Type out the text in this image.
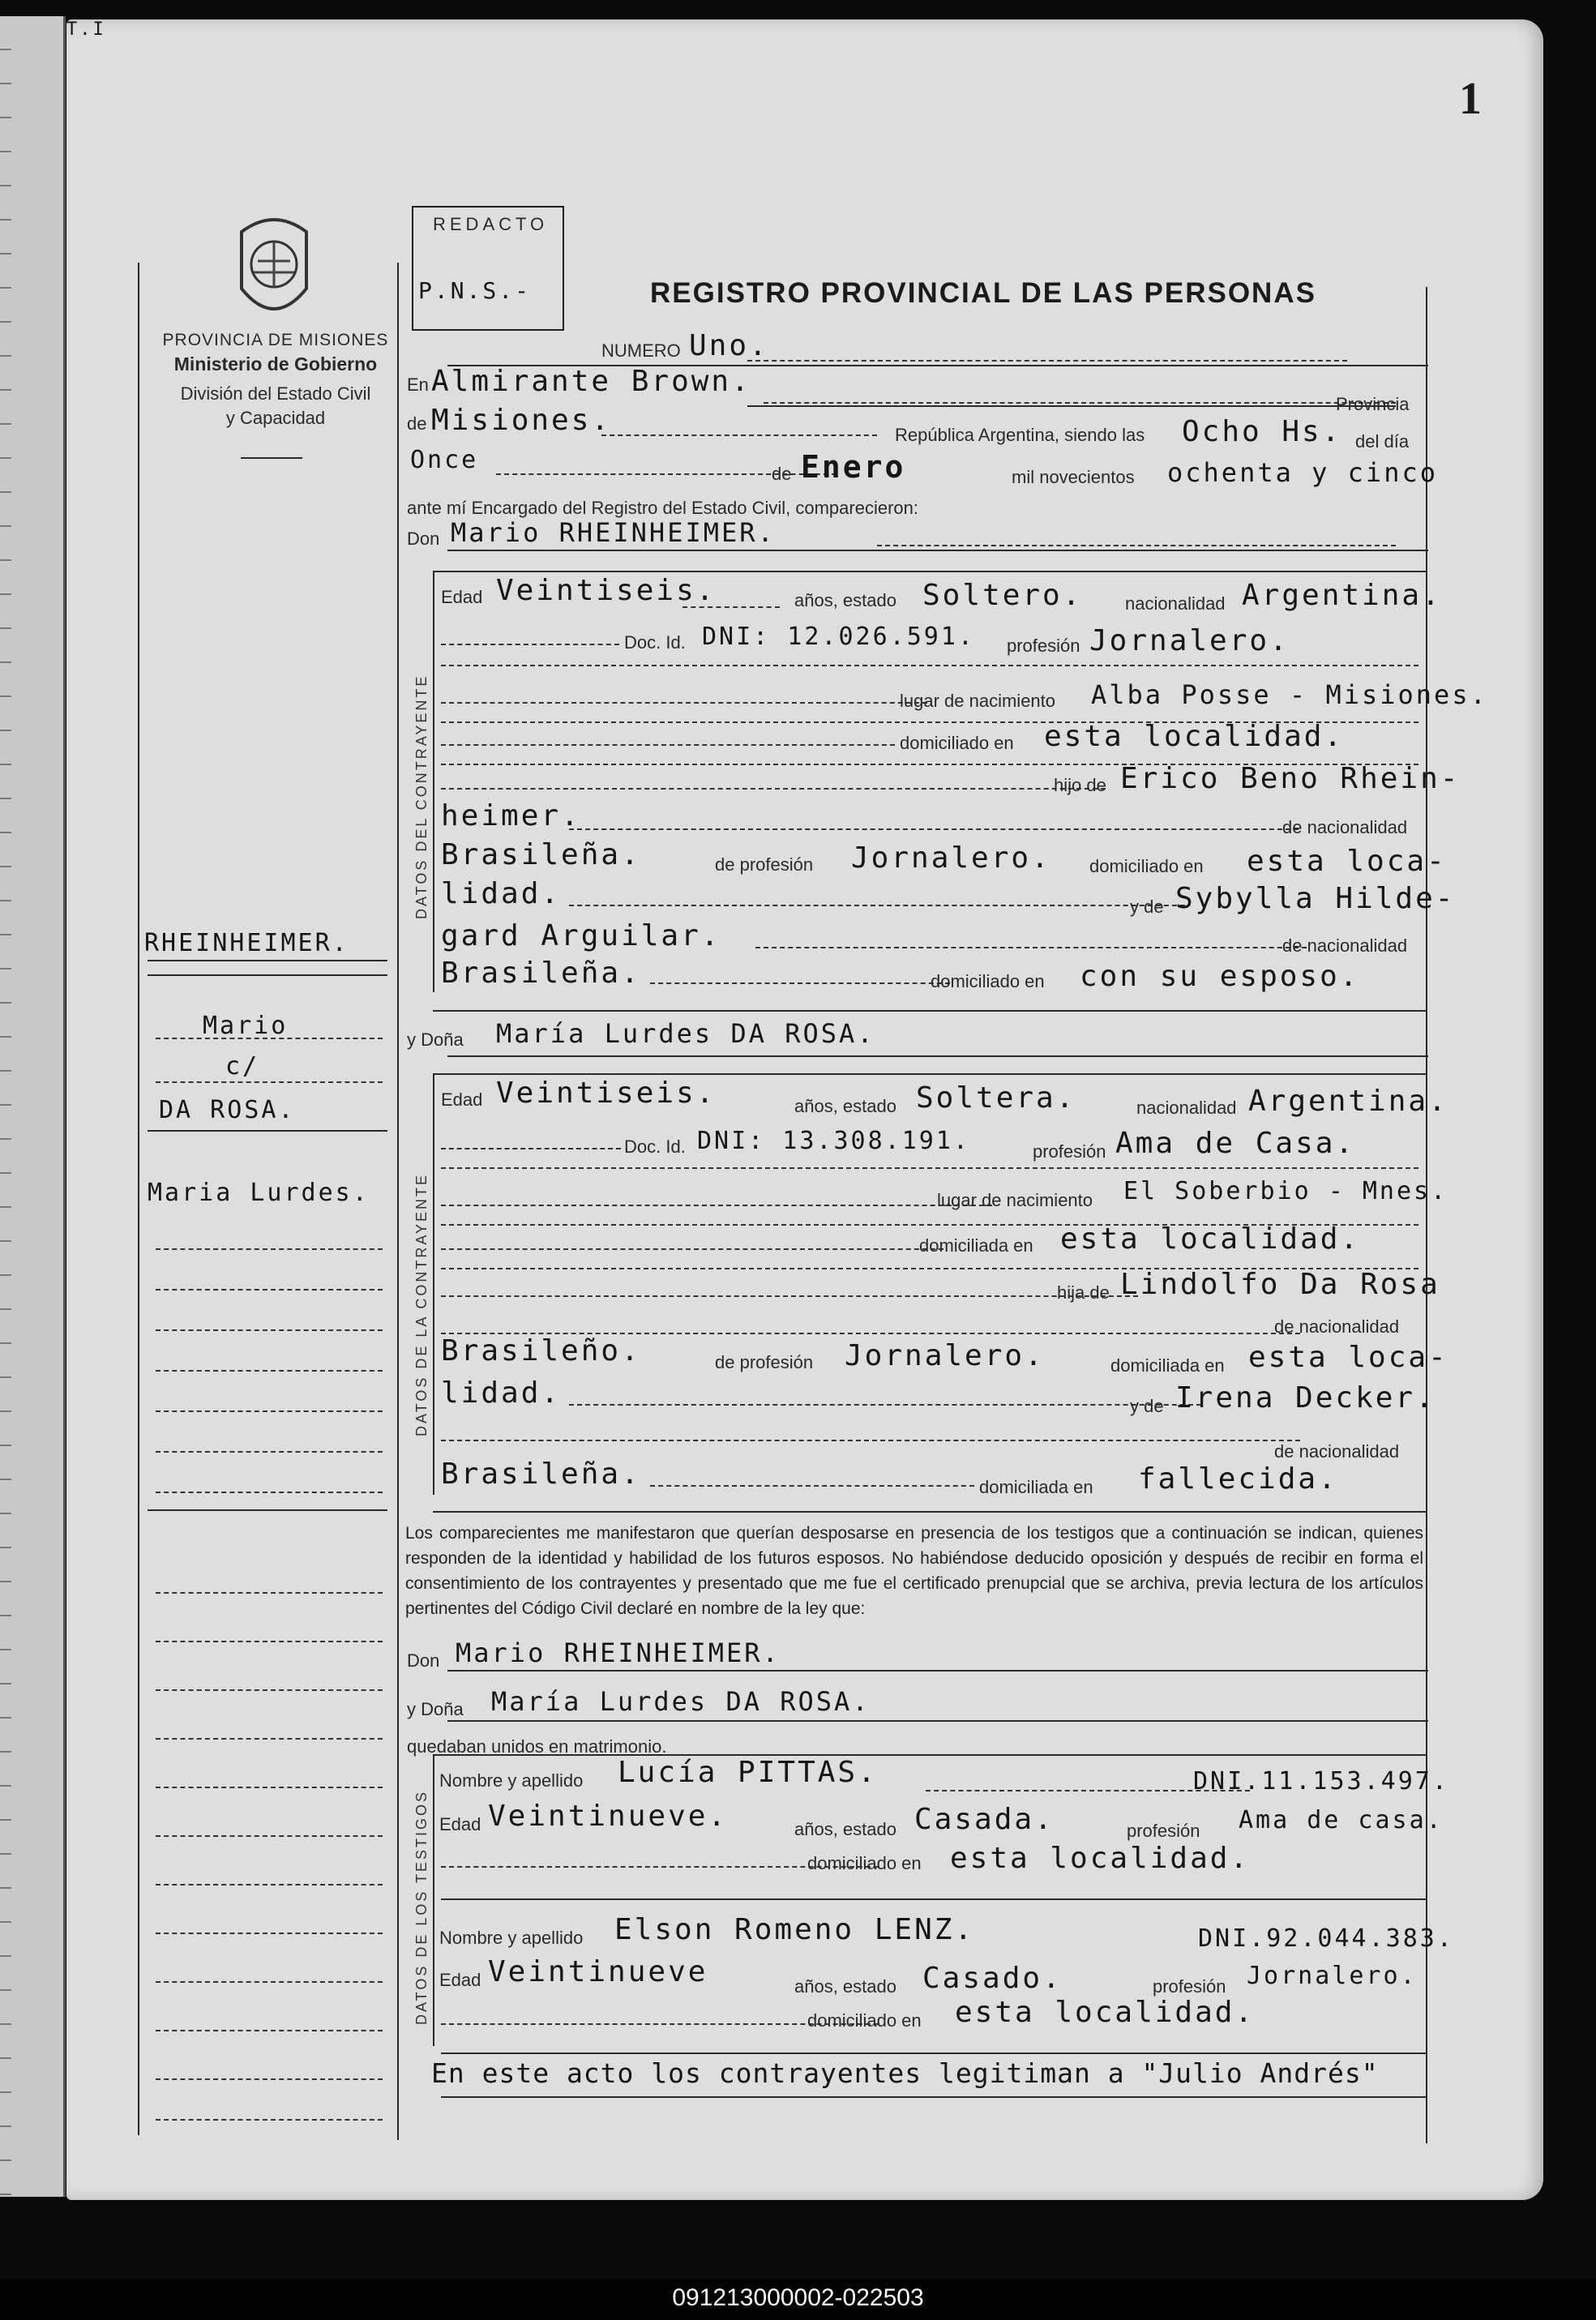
1
PROVINCIA DE MISIONES
Ministerio de Gobierno
División del Estado Civil
y Capacidad
REDACTO
P.N.S.-	REGISTRO PROVINCIAL DE LAS PERSONAS
T.I
NUMERO Uno.
En Almirante Brown.
Provincia
de Misiones.	República Argentina, siendo las Ocho Hs. del día
Once	de Enero	mil novecientos ochenta y cinco
ante mí Encargado del Registro del Estado Civil, comparecieron:
Don Mario RHEINHEIMER.
DATOS DEL CONTRAYENTE
Edad Veintiseis.	años, estado Soltero. nacionalidad Argentina.
Doc. Id. DNI: 12.026.591. profesión Jornalero.
lugar de nacimiento Alba Posse - Misiones.
domiciliado en esta localidad.
hijo de Erico Beno Rhein-
heimer.	de nacionalidad
Brasileña.	de profesión Jornalero. domiciliado en esta loca-
lidad.	y de Sybylla Hilde-
gard Arguilar.	de nacionalidad
Brasileña.	domiciliado en con su esposo.
y Doña María Lurdes DA ROSA.
DATOS DE LA CONTRAYENTE
Edad Veintiseis.	años, estado Soltera.	nacionalidad Argentina.
Doc. Id. DNI: 13.308.191.	profesión Ama de Casa.
lugar de nacimiento El Soberbio - Mnes.
domiciliada en esta localidad.
hija de Lindolfo Da Rosa
de nacionalidad
Brasileño.	de profesión Jornalero.	domiciliada en esta loca-
lidad.	y de Irena Decker.
de nacionalidad
Brasileña.	domiciliada en fallecida.
RHEINHEIMER.
Mario
c/
DA ROSA.
Maria Lurdes.
Los comparecientes me manifestaron que querían desposarse en presencia de los testigos que a continuación se indican, quienes responden de la identidad y habilidad de los futuros esposos. No habiéndose deducido oposición y después de recibir en forma el consentimiento de los contrayentes y presentado que me fue el certificado prenupcial que se archiva, previa lectura de los artículos pertinentes del Código Civil declaré en nombre de la ley que:
Don Mario RHEINHEIMER.
y Doña María Lurdes DA ROSA.
quedaban unidos en matrimonio.
DATOS DE LOS TESTIGOS
Nombre y apellido Lucía PITTAS.	DNI.11.153.497.
Edad Veintinueve.	años, estado Casada.	profesión Ama de casa.
domiciliado en esta localidad.
Nombre y apellido Elson Romeno LENZ.	DNI.92.044.383.
Edad Veintinueve	años, estado Casado.	profesión Jornalero.
domiciliado en esta localidad.
En este acto los contrayentes legitiman a "Julio Andrés"
091213000002-022503
